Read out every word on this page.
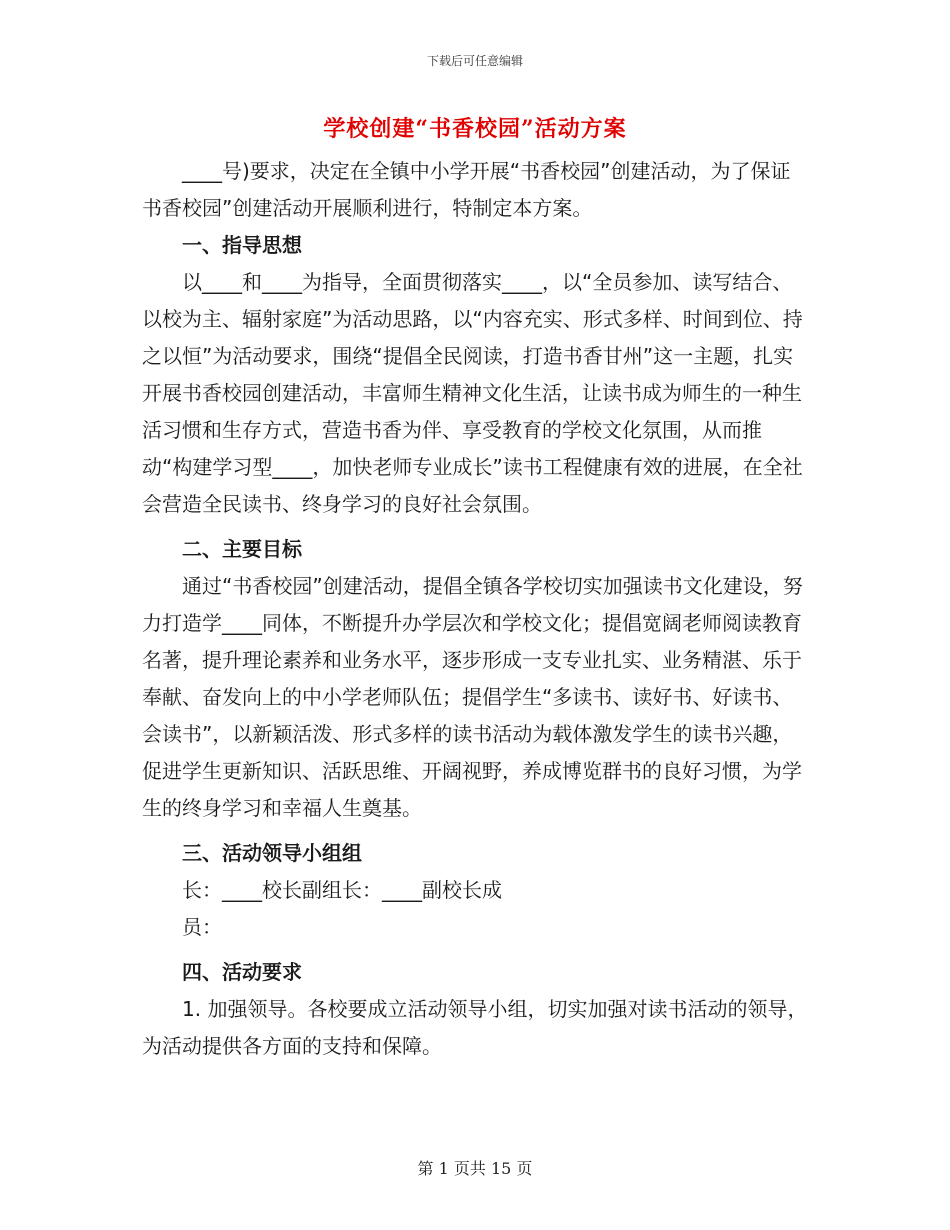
下载后可任意编辑
学校创建“书香校园”活动方案

____号)要求，决定在全镇中小学开展“书香校园”创建活动，为了保证书香校园”创建活动开展顺利进行，特制定本方案。

一、指导思想

以____和____为指导，全面贯彻落实____，以“全员参加、读写结合、以校为主、辐射家庭”为活动思路，以“内容充实、形式多样、时间到位、持之以恒”为活动要求，围绕“提倡全民阅读，打造书香甘州”这一主题，扎实开展书香校园创建活动，丰富师生精神文化生活，让读书成为师生的一种生活习惯和生存方式，营造书香为伴、享受教育的学校文化氛围，从而推动“构建学习型____，加快老师专业成长”读书工程健康有效的进展，在全社会营造全民读书、终身学习的良好社会氛围。

二、主要目标

通过“书香校园”创建活动，提倡全镇各学校切实加强读书文化建设，努力打造学____同体，不断提升办学层次和学校文化；提倡宽阔老师阅读教育名著，提升理论素养和业务水平，逐步形成一支专业扎实、业务精湛、乐于奉献、奋发向上的中小学老师队伍；提倡学生“多读书、读好书、好读书、会读书”，以新颖活泼、形式多样的读书活动为载体激发学生的读书兴趣，促进学生更新知识、活跃思维、开阔视野，养成博览群书的良好习惯，为学生的终身学习和幸福人生奠基。

三、活动领导小组组

长：____校长副组长：____副校长成

员：

四、活动要求

1. 加强领导。各校要成立活动领导小组，切实加强对读书活动的领导，为活动提供各方面的支持和保障。

第 1 页共 15 页
